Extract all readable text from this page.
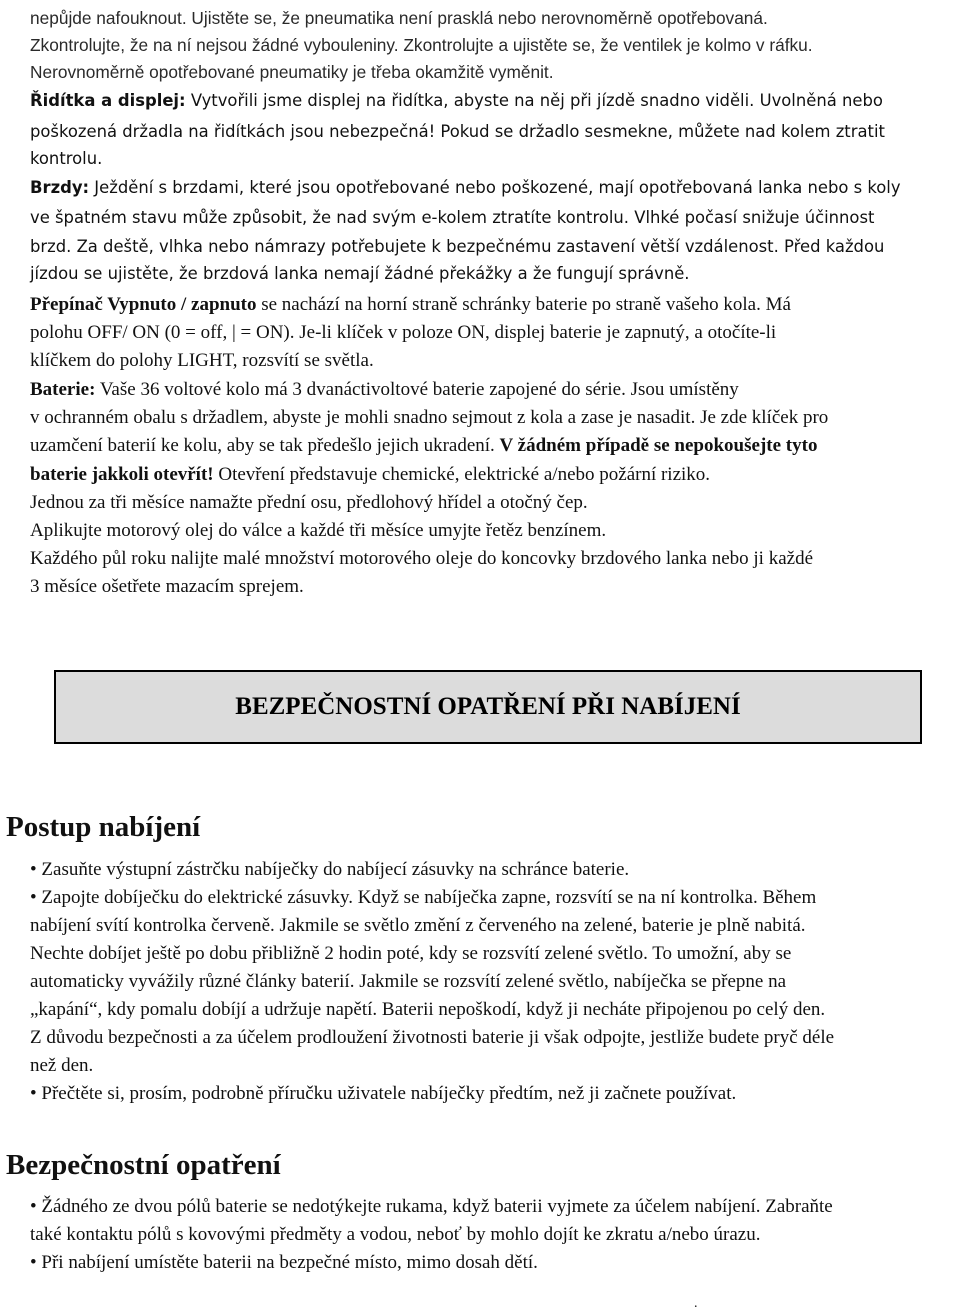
nepůjde nafouknout. Ujistěte se, že pneumatika není prasklá nebo nerovnoměrně opotřebovaná.
Zkontrolujte, že na ní nejsou žádné vybouleniny. Zkontrolujte a ujistěte se, že ventilek je kolmo v ráfku.
Nerovnoměrně opotřebované pneumatiky je třeba okamžitě vyměnit.
Řidítka a displej: Vytvořili jsme displej na řidítka, abyste na něj při jízdě snadno viděli. Uvolněná nebo
poškozená držadla na řidítkách jsou nebezpečná! Pokud se držadlo sesmekne, můžete nad kolem ztratit
kontrolu.
Brzdy: Ježdění s brzdami, které jsou opotřebované nebo poškozené, mají opotřebovaná lanka nebo s koly
ve špatném stavu může způsobit, že nad svým e-kolem ztratíte kontrolu. Vlhké počasí snižuje účinnost
brzd. Za deště, vlhka nebo námrazy potřebujete k bezpečnému zastavení větší vzdálenost. Před každou
jízdou se ujistěte, že brzdová lanka nemají žádné překážky a že fungují správně.
Přepínač Vypnuto / zapnuto se nachází na horní straně schránky baterie po straně vašeho kola. Má
polohu OFF/ ON (0 = off, | = ON). Je-li klíček v poloze ON, displej baterie je zapnutý, a otočíte-li
klíčkem do polohy LIGHT, rozsvítí se světla.
Baterie: Vaše 36 voltové kolo má 3 dvanáctivoltové baterie zapojené do série. Jsou umístěny
v ochranném obalu s držadlem, abyste je mohli snadno sejmout z kola a zase je nasadit. Je zde klíček pro
uzamčení baterií ke kolu, aby se tak předešlo jejich ukradení. V žádném případě se nepokoušejte tyto
baterie jakkoli otevřít! Otevření představuje chemické, elektrické a/nebo požární riziko.
Jednou za tři měsíce namažte přední osu, předlohový hřídel a otočný čep.
Aplikujte motorový olej do válce a každé tři měsíce umyjte řetěz benzínem.
Každého půl roku nalijte malé množství motorového oleje do koncovky brzdového lanka nebo ji každé
3 měsíce ošetřete mazacím sprejem.
BEZPEČNOSTNÍ OPATŘENÍ PŘI NABÍJENÍ
Postup nabíjení
• Zasuňte výstupní zástrčku nabíječky do nabíjecí zásuvky na schránce baterie.
• Zapojte dobíječku do elektrické zásuvky. Když se nabíječka zapne, rozsvítí se na ní kontrolka. Během
nabíjení svítí kontrolka červeně. Jakmile se světlo změní z červeného na zelené, baterie je plně nabitá.
Nechte dobíjet ještě po dobu přibližně 2 hodin poté, kdy se rozsvítí zelené světlo. To umožní, aby se
automaticky vyvážily různé články baterií. Jakmile se rozsvítí zelené světlo, nabíječka se přepne na
„kapání“, kdy pomalu dobíjí a udržuje napětí. Baterii nepoškodí, když ji necháte připojenou po celý den.
Z důvodu bezpečnosti a za účelem prodloužení životnosti baterie ji však odpojte, jestliže budete pryč déle
než den.
• Přečtěte si, prosím, podrobně příručku uživatele nabíječky předtím, než ji začnete používat.
Bezpečnostní opatření
• Žádného ze dvou pólů baterie se nedotýkejte rukama, když baterii vyjmete za účelem nabíjení. Zabraňte
také kontaktu pólů s kovovými předměty a vodou, neboť by mohlo dojít ke zkratu a/nebo úrazu.
• Při nabíjení umístěte baterii na bezpečné místo, mimo dosah dětí.
.
